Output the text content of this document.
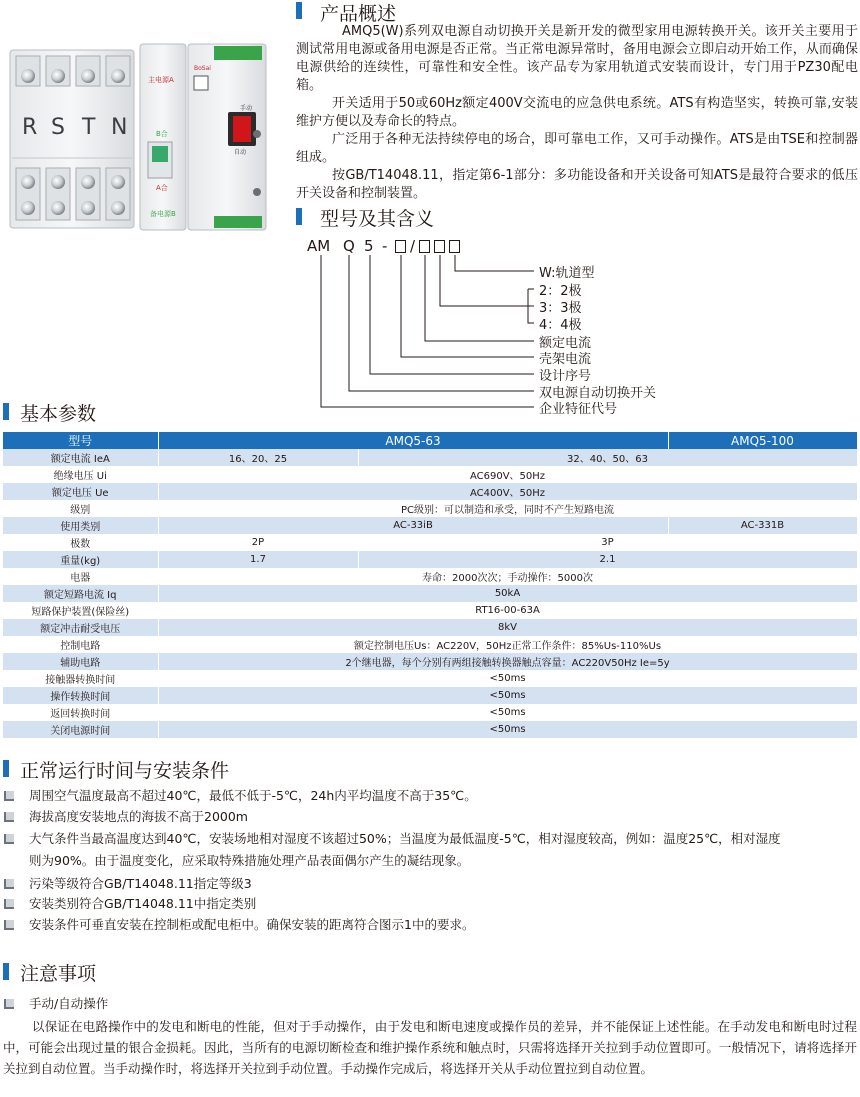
R S T N
主电源A
B合
A合
备电源B
BoSai
手动
自动
产品概述
AMQ5(W)系列双电源自动切换开关是新开发的微型家用电源转换开关。该开关主要用于测试常用电源或备用电源是否正常。当正常电源异常时，备用电源会立即启动开始工作，从而确保电源供给的连续性，可靠性和安全性。该产品专为家用轨道式安装而设计，专门用于PZ30配电箱。
开关适用于50或60Hz额定400V交流电的应急供电系统。ATS有构造坚实，转换可靠,安装维护方便以及寿命长的特点。
广泛用于各种无法持续停电的场合，即可靠电工作，又可手动操作。ATS是由TSE和控制器组成。
按GB/T14048.11，指定第6-1部分：多功能设备和开关设备可知ATS是最符合要求的低压开关设备和控制装置。
型号及其含义
AM Q 5 - /
W:轨道型
2：2极
3：3极
4：4极
额定电流
壳架电流
设计序号
双电源自动切换开关
企业特征代号
基本参数
型号	AMQ5-63		AMQ5-100	
额定电流 IeA	16、20、25	32、40、50、63	
绝缘电压 Ui	AC690V、50Hz			
额定电压 Ue	AC400V、50Hz			
级别	PC级别：可以制造和承受，同时不产生短路电流			
使用类别	AC-33iB		AC-331B	
极数	2P	3P	
重量(kg)	1.7	2.1	
电器	寿命：2000次次；手动操作：5000次			
额定短路电流 Iq	50kA			
短路保护装置(保险丝)	RT16-00-63A			
额定冲击耐受电压	8kV			
控制电路	额定控制电压Us：AC220V，50Hz正常工作条件：85%Us-110%Us			
辅助电路	2个继电器，每个分别有两组接触转换器触点容量：AC220V50Hz Ie=5y			
接触器转换时间	<50ms			
操作转换时间	<50ms			
返回转换时间	<50ms			
关闭电源时间	<50ms			
正常运行时间与安装条件
周围空气温度最高不超过40℃，最低不低于-5℃，24h内平均温度不高于35℃。
海拔高度安装地点的海拔不高于2000m
大气条件当最高温度达到40℃，安装场地相对湿度不该超过50%；当温度为最低温度-5℃，相对湿度较高，例如：温度25℃，相对湿度
则为90%。由于温度变化，应采取特殊措施处理产品表面偶尔产生的凝结现象。
污染等级符合GB/T14048.11指定等级3
安装类别符合GB/T14048.11中指定类别
安装条件可垂直安装在控制柜或配电柜中。确保安装的距离符合图示1中的要求。
注意事项
手动/自动操作
以保证在电路操作中的发电和断电的性能，但对于手动操作，由于发电和断电速度或操作员的差异，并不能保证上述性能。在手动发电和断电时过程中，可能会出现过量的银合金损耗。因此，当所有的电源切断检查和维护操作系统和触点时，只需将选择开关拉到手动位置即可。一般情况下，请将选择开关拉到自动位置。当手动操作时，将选择开关拉到手动位置。手动操作完成后，将选择开关从手动位置拉到自动位置。
